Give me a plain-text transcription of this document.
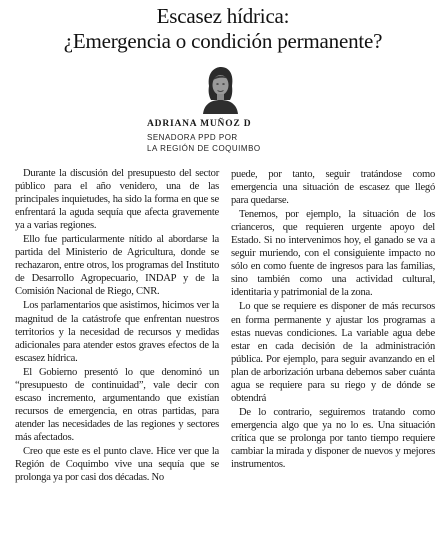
Escasez hídrica:
¿Emergencia o condición permanente?
ADRIANA MUÑOZ D
SENADORA PPD POR
LA REGIÓN DE COQUIMBO

Durante la discusión del presupuesto del sector público para el año venidero, una de las principales inquietudes, ha sido la forma en que se enfrentará la aguda sequía que afecta gravemente ya a varias regiones.

Ello fue particularmente nítido al abordarse la partida del Ministerio de Agricultura, donde se rechazaron, entre otros, los programas del Instituto de Desarrollo Agropecuario, INDAP y de la Comisión Nacional de Riego, CNR.

Los parlamentarios que asistimos, hicimos ver la magnitud de la catástrofe que enfrentan nuestros territorios y la necesidad de recursos y medidas adicionales para atender estos graves efectos de la escasez hídrica.

El Gobierno presentó lo que denominó un “presupuesto de continuidad”, vale decir con escaso incremento, argumentando que existían recursos de emergencia, en otras partidas, para atender las necesidades de las regiones y sectores más afectados.

Creo que este es el punto clave. Hice ver que la Región de Coquimbo vive una sequía que se prolonga ya por casi dos décadas. No

puede, por tanto, seguir tratándose como emergencia una situación de escasez que llegó para quedarse.

Tenemos, por ejemplo, la situación de los crianceros, que requieren urgente apoyo del Estado. Si no intervenimos hoy, el ganado se va a seguir muriendo, con el consiguiente impacto no sólo en como fuente de ingresos para las familias, sino también como una actividad cultural, identitaria y patrimonial de la zona.

Lo que se requiere es disponer de más recursos en forma permanente y ajustar los programas a estas nuevas condiciones. La variable agua debe estar en cada decisión de la administración pública. Por ejemplo, para seguir avanzando en el plan de arborización urbana debemos saber cuánta agua se requiere para su riego y de dónde se obtendrá

De lo contrario, seguiremos tratando como emergencia algo que ya no lo es. Una situación crítica que se prolonga por tanto tiempo requiere cambiar la mirada y disponer de nuevos y mejores instrumentos.
